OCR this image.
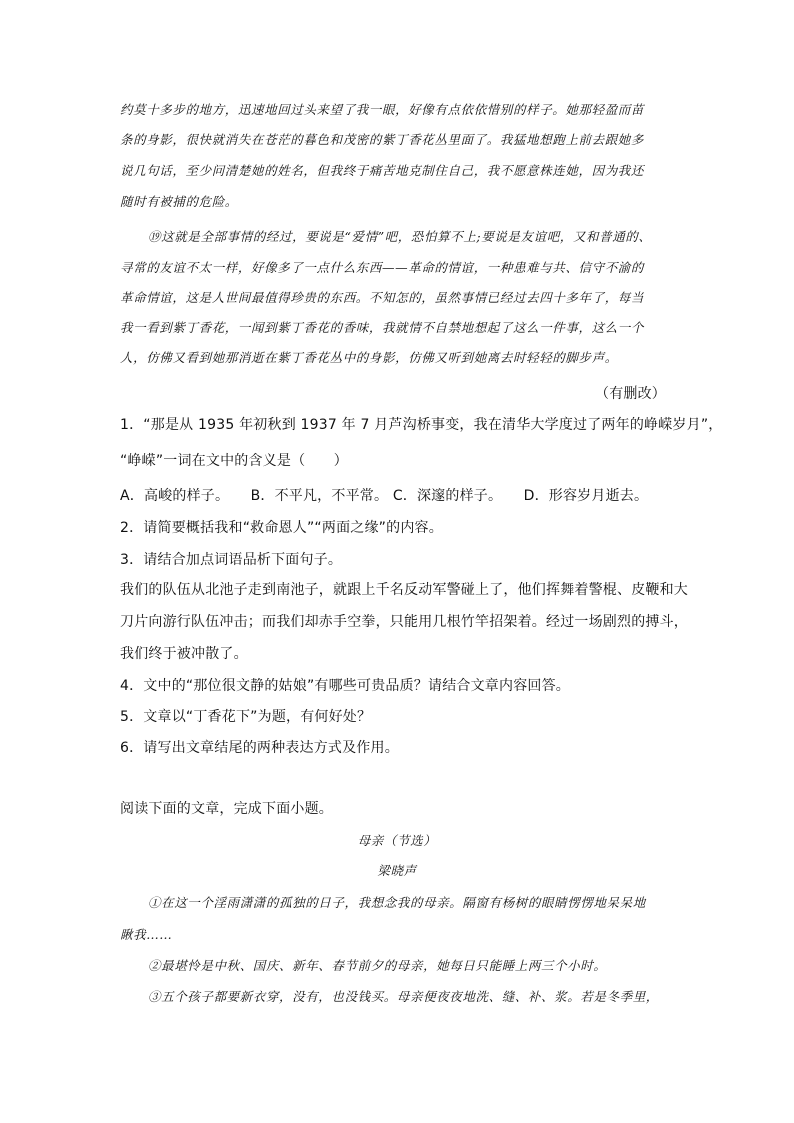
约莫十多步的地方，迅速地回过头来望了我一眼，好像有点依依惜别的样子。她那轻盈而苗
条的身影，很快就消失在苍茫的暮色和茂密的紫丁香花丛里面了。我猛地想跑上前去跟她多
说几句话，至少问清楚她的姓名，但我终于痛苦地克制住自己，我不愿意株连她，因为我还
随时有被捕的危险。
⑲这就是全部事情的经过，要说是“爱情”吧，恐怕算不上;要说是友谊吧，又和普通的、
寻常的友谊不太一样，好像多了一点什么东西——革命的情谊，一种患难与共、信守不渝的
革命情谊，这是人世间最值得珍贵的东西。不知怎的，虽然事情已经过去四十多年了，每当
我一看到紫丁香花，一闻到紫丁香花的香味，我就情不自禁地想起了这么一件事，这么一个
人，仿佛又看到她那消逝在紫丁香花丛中的身影，仿佛又听到她离去时轻轻的脚步声。
（有删改）
1．“那是从 1935 年初秋到 1937 年 7 月芦沟桥事变，我在清华大学度过了两年的峥嵘岁月”，
“峥嵘”一词在文中的含义是（　　）
A．高峻的样子。　　B．不平凡，不平常。 C．深邃的样子。　　D．形容岁月逝去。
2．请简要概括我和“救命恩人”“两面之缘”的内容。
3．请结合加点词语品析下面句子。
我们的队伍从北池子走到南池子，就跟上千名反动军警碰上了，他们挥舞着警棍、皮鞭和大
刀片向游行队伍冲击；而我们却赤手空拳，只能用几根竹竿招架着。经过一场剧烈的搏斗，
我们终于被冲散了。
4．文中的“那位很文静的姑娘”有哪些可贵品质？请结合文章内容回答。
5．文章以“丁香花下”为题，有何好处？
6．请写出文章结尾的两种表达方式及作用。
阅读下面的文章，完成下面小题。
母亲（节选）
梁晓声
①在这一个淫雨潇潇的孤独的日子，我想念我的母亲。隔窗有杨树的眼睛愣愣地呆呆地
瞅我……
②最堪怜是中秋、国庆、新年、春节前夕的母亲，她每日只能睡上两三个小时。
③五个孩子都要新衣穿，没有，也没钱买。母亲便夜夜地洗、缝、补、浆。若是冬季里，
